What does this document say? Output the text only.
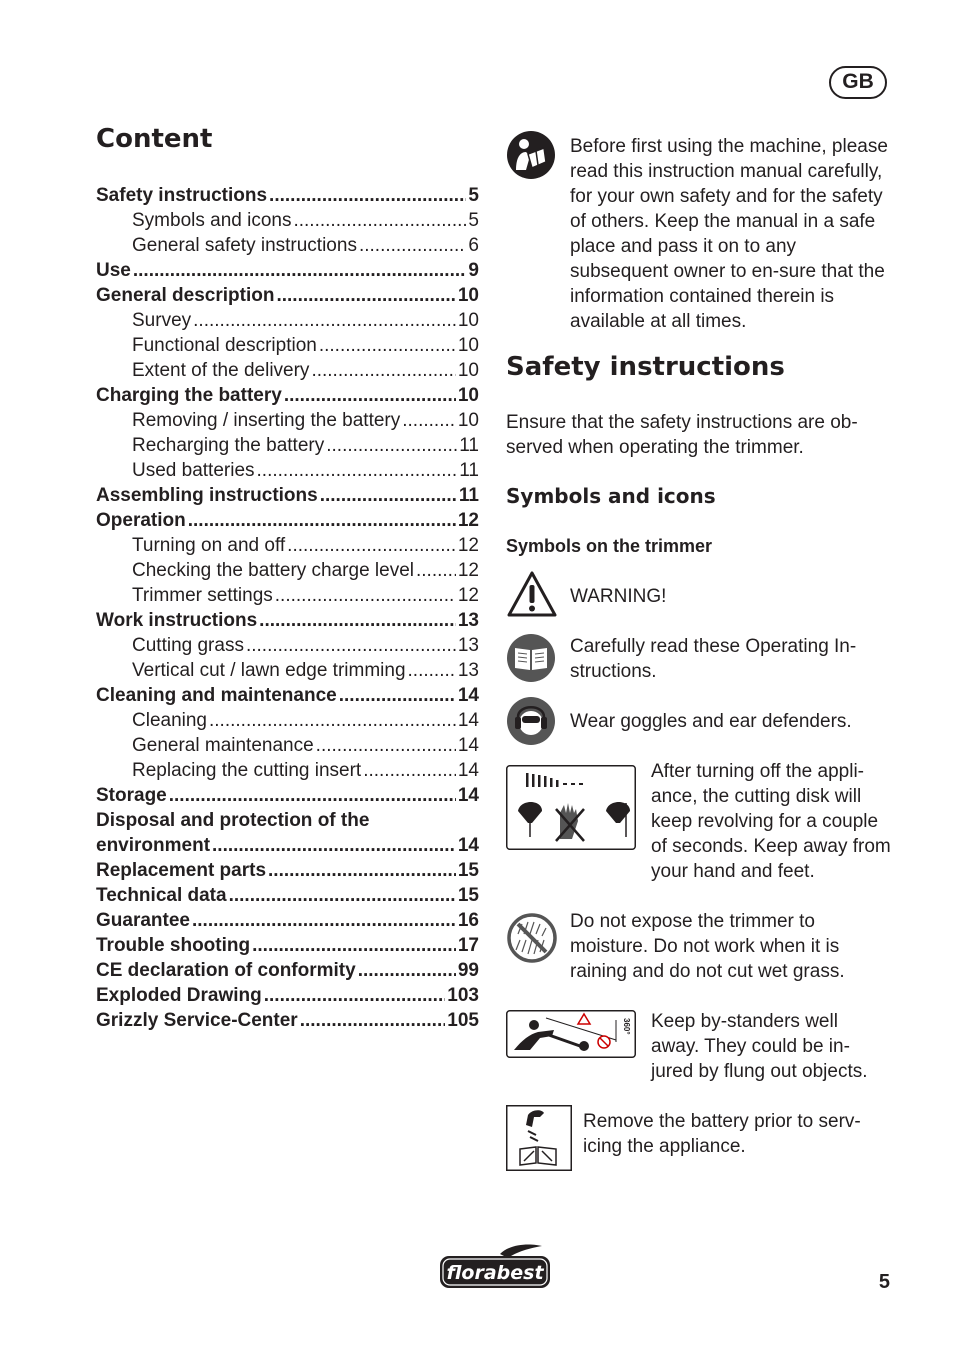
GB
Content
Safety instructions .....	5
Symbols and icons .....	5
General safety instructions .....	6
Use .....	9
General description .....	10
Survey .....	10
Functional description .....	10
Extent of the delivery .....	10
Charging the battery .....	10
Removing / inserting the battery .....	10
Recharging the battery .....	11
Used batteries .....	11
Assembling instructions .....	11
Operation .....	12
Turning on and off .....	12
Checking the battery charge level ..... 12
Trimmer settings .....	12
Work instructions .....	13
Cutting grass .....	13
Vertical cut / lawn edge trimming .....	13
Cleaning and maintenance .....	14
Cleaning .....	14
General maintenance .....	14
Replacing the cutting insert .....	14
Storage .....	14
Disposal and protection of the
environment .....	14
Replacement parts .....	15
Technical data .....	15
Guarantee .....	16
Trouble shooting .....	17
CE declaration of conformity .....	99
Exploded Drawing .....	103
Grizzly Service-Center .....	105

Before first using the machine, please read this instruction manual carefully, for your own safety and for the safety of others. Keep the manual in a safe place and pass it on to any subsequent owner to en-sure that the information contained therein is available at all times.

Safety instructions

Ensure that the safety instructions are ob-served when operating the trimmer.

Symbols and icons
Symbols on the trimmer

WARNING!

Carefully read these Operating In-structions.

Wear goggles and ear defenders.

After turning off the appli-ance, the cutting disk will keep revolving for a couple of seconds. Keep away from your hand and feet.

Do not expose the trimmer to moisture. Do not work when it is raining and do not cut wet grass.

360° Keep by-standers well away. They could be in-jured by flung out objects.

Remove the battery prior to serv-icing the appliance.

florabest	5
